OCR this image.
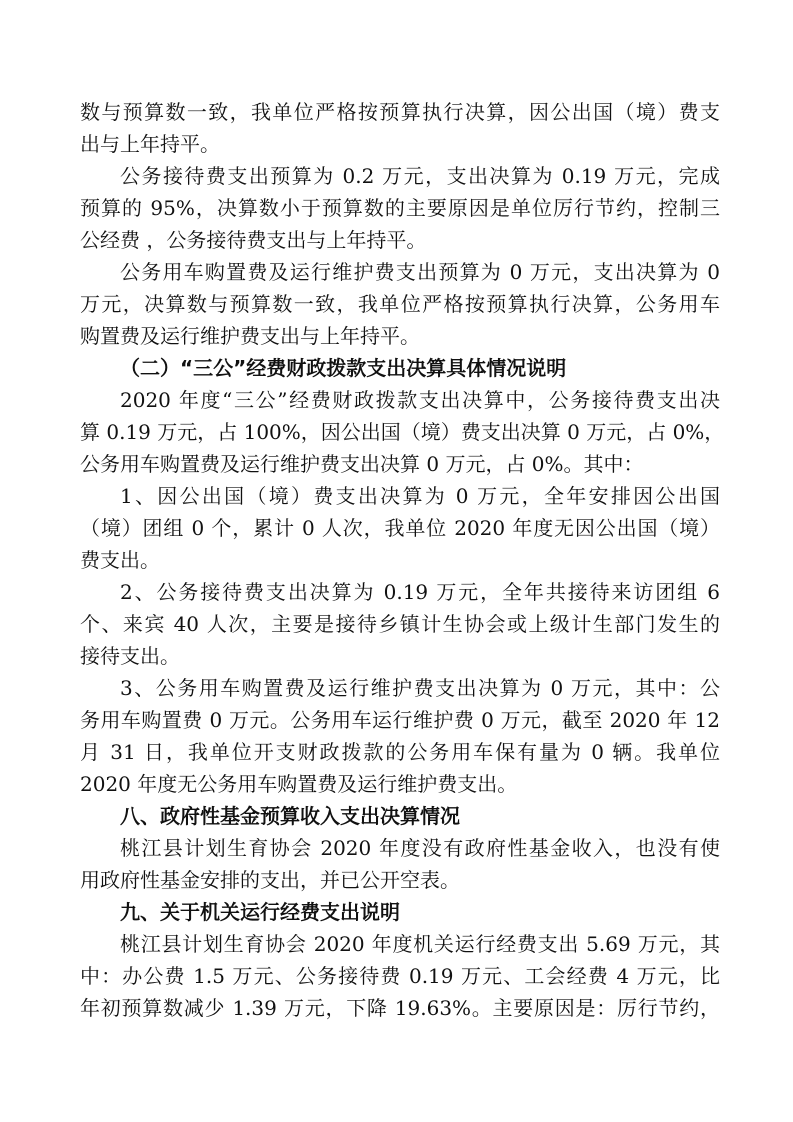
数与预算数一致，我单位严格按预算执行决算，因公出国（境）费支
出与上年持平。
公务接待费支出预算为 0.2 万元，支出决算为 0.19 万元，完成
预算的 95%，决算数小于预算数的主要原因是单位厉行节约，控制三
公经费 ，公务接待费支出与上年持平。
公务用车购置费及运行维护费支出预算为 0 万元，支出决算为 0
万元，决算数与预算数一致，我单位严格按预算执行决算，公务用车
购置费及运行维护费支出与上年持平。
（二）“三公”经费财政拨款支出决算具体情况说明
2020 年度“三公”经费财政拨款支出决算中，公务接待费支出决
算 0.19 万元，占 100%，因公出国（境）费支出决算 0 万元，占 0%，
公务用车购置费及运行维护费支出决算 0 万元，占 0%。其中：
1、因公出国（境）费支出决算为 0 万元，全年安排因公出国
（境）团组 0 个，累计 0 人次，我单位 2020 年度无因公出国（境）
费支出。
2、公务接待费支出决算为 0.19 万元，全年共接待来访团组 6
个、来宾 40 人次，主要是接待乡镇计生协会或上级计生部门发生的
接待支出。
3、公务用车购置费及运行维护费支出决算为 0 万元，其中：公
务用车购置费 0 万元。公务用车运行维护费 0 万元，截至 2020 年 12
月 31 日，我单位开支财政拨款的公务用车保有量为 0 辆。我单位
2020 年度无公务用车购置费及运行维护费支出。
八、政府性基金预算收入支出决算情况
桃江县计划生育协会 2020 年度没有政府性基金收入，也没有使
用政府性基金安排的支出，并已公开空表。
九、关于机关运行经费支出说明
桃江县计划生育协会 2020 年度机关运行经费支出 5.69 万元，其
中：办公费 1.5 万元、公务接待费 0.19 万元、工会经费 4 万元，比
年初预算数减少 1.39 万元，下降 19.63%。主要原因是：厉行节约，
